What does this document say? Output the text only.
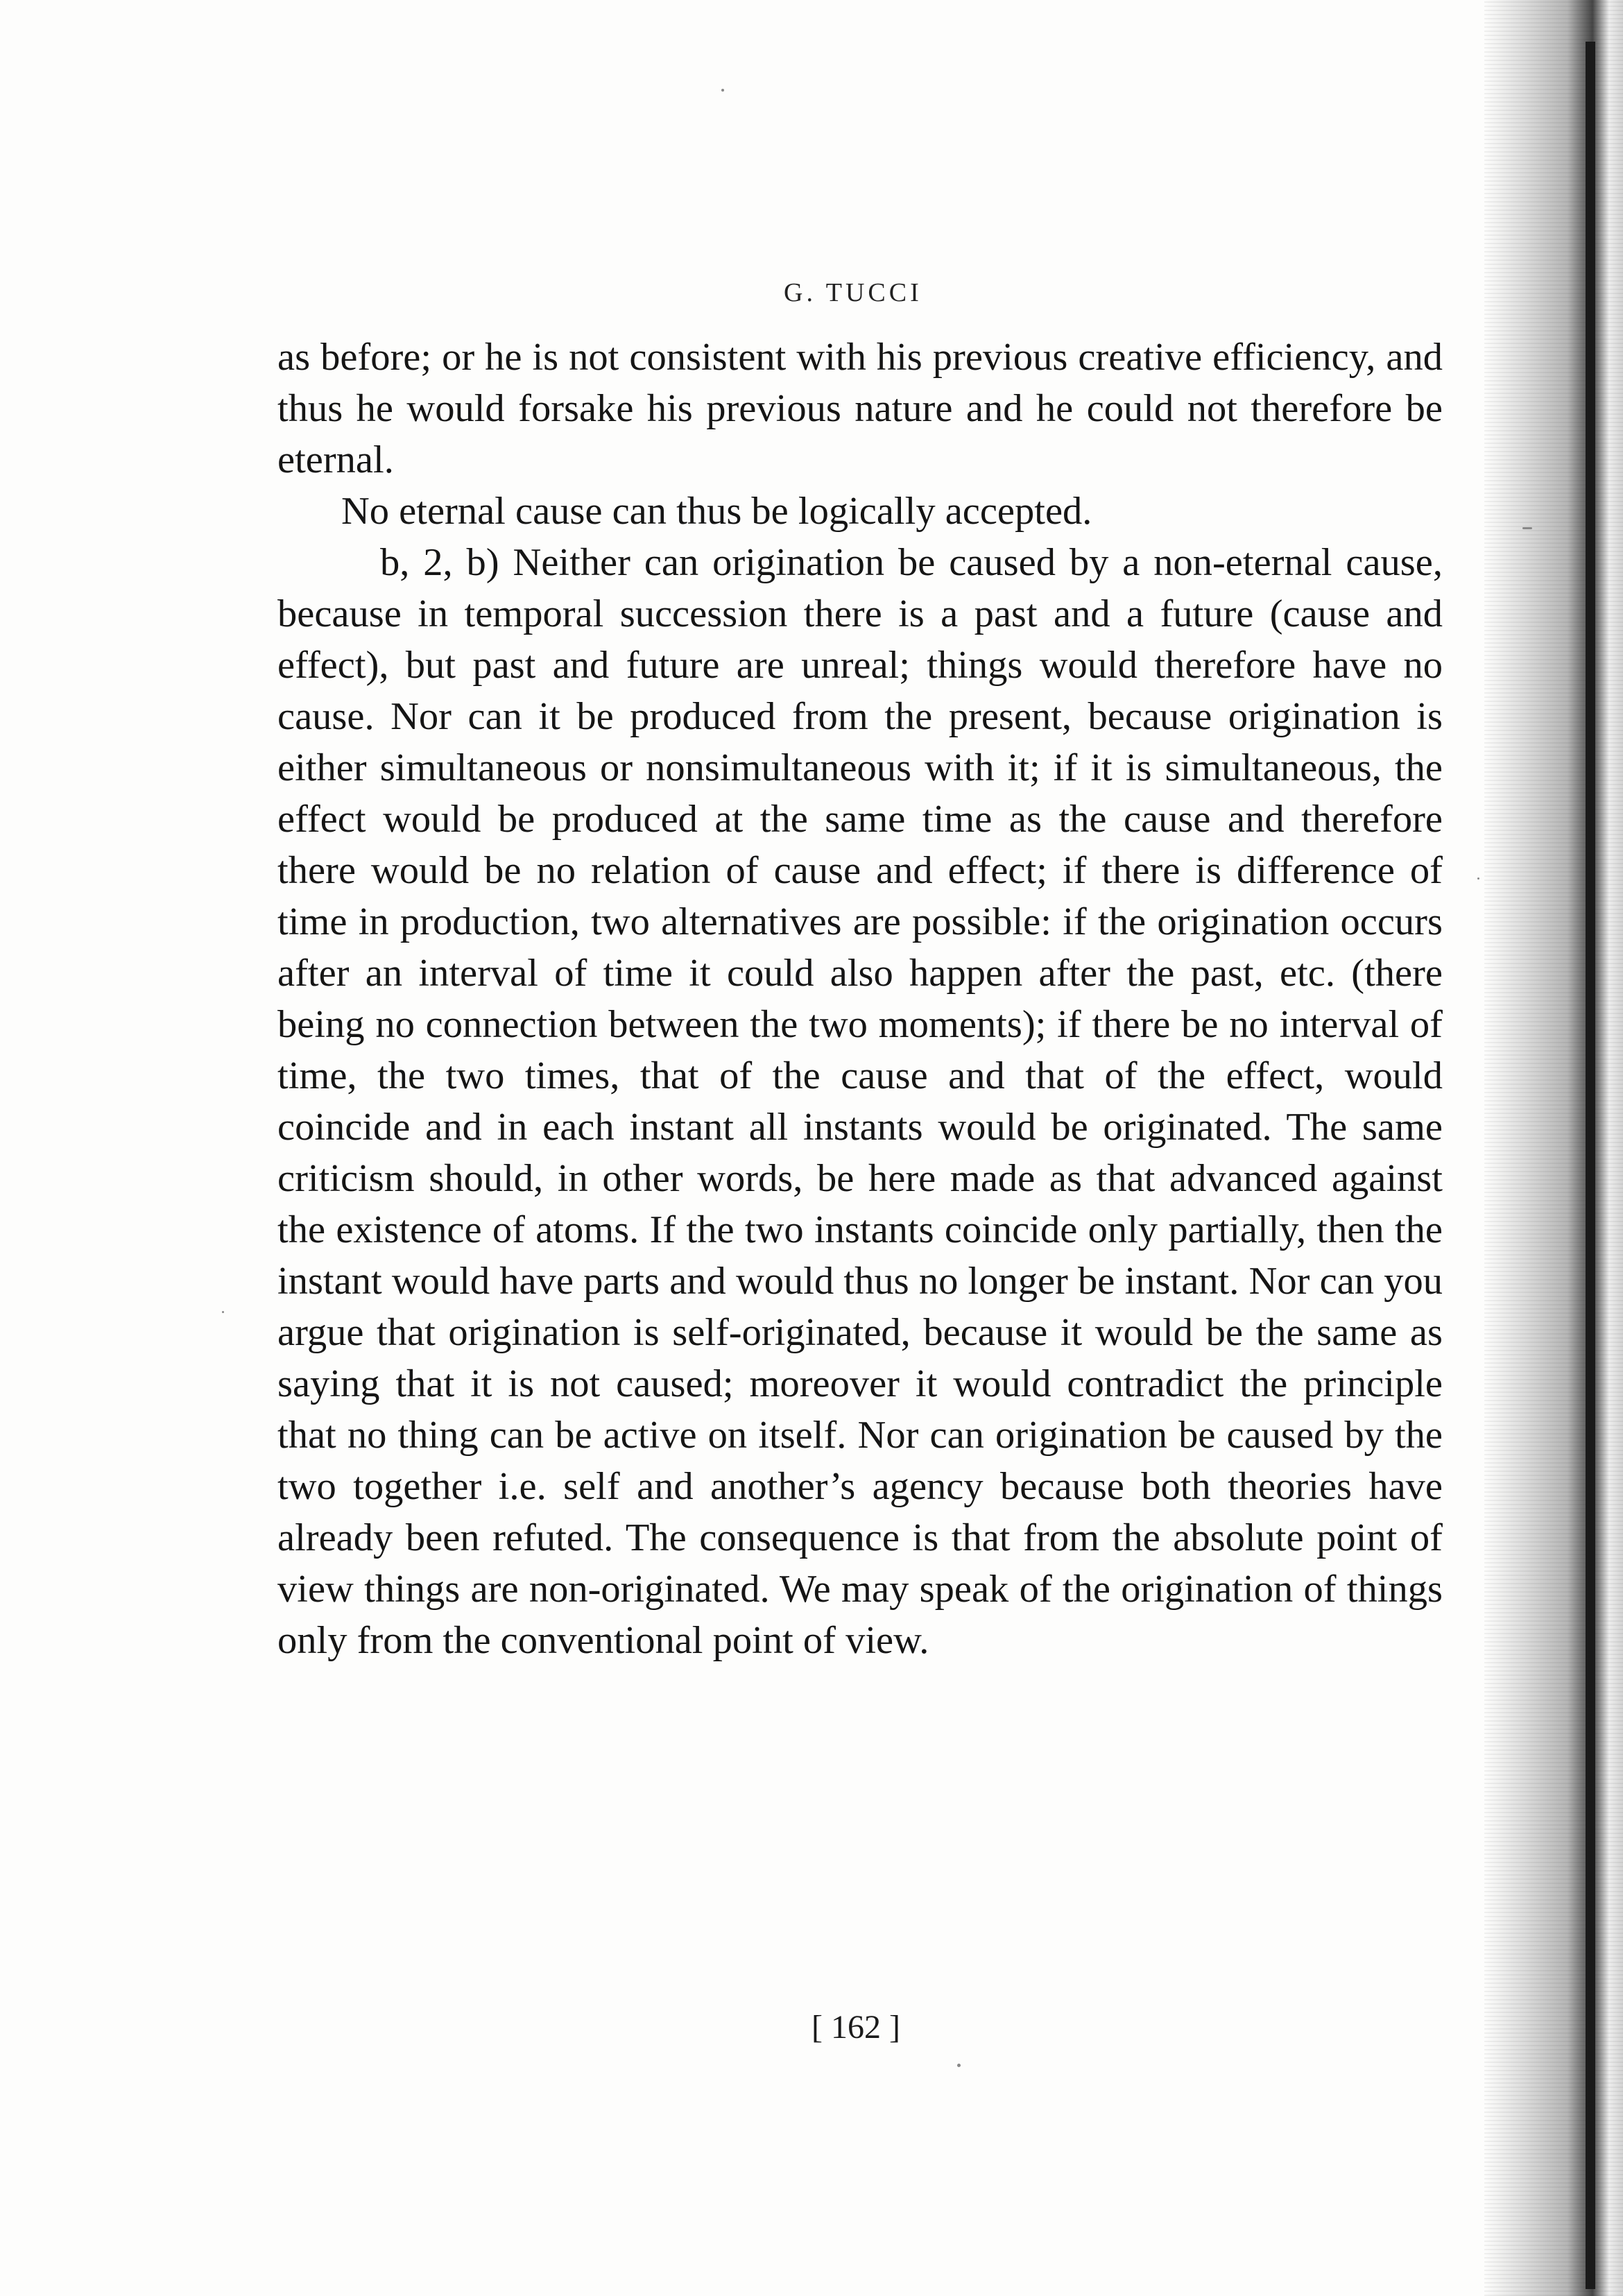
G. TUCCI

as before; or he is not consistent with his previous creative efficiency, and thus he would forsake his previous nature and he could not therefore be eternal.

No eternal cause can thus be logically accepted.

b, 2, b) Neither can origination be caused by a non-eternal cause, because in temporal succession there is a past and a future (cause and effect), but past and future are unreal; things would therefore have no cause. Nor can it be produced from the present, because origination is either simultaneous or nonsimultaneous with it; if it is simultaneous, the effect would be produced at the same time as the cause and therefore there would be no relation of cause and effect; if there is difference of time in production, two alternatives are possible: if the origination occurs after an interval of time it could also happen after the past, etc. (there being no connection between the two moments); if there be no interval of time, the two times, that of the cause and that of the effect, would coincide and in each instant all instants would be originated. The same criticism should, in other words, be here made as that advanced against the existence of atoms. If the two instants coincide only partially, then the instant would have parts and would thus no longer be instant. Nor can you argue that origination is self-originated, because it would be the same as saying that it is not caused; moreover it would contradict the principle that no thing can be active on itself. Nor can origination be caused by the two together i.e. self and another’s agency because both theories have already been refuted. The consequence is that from the absolute point of view things are non-originated. We may speak of the origination of things only from the conventional point of view.

[ 162 ]
